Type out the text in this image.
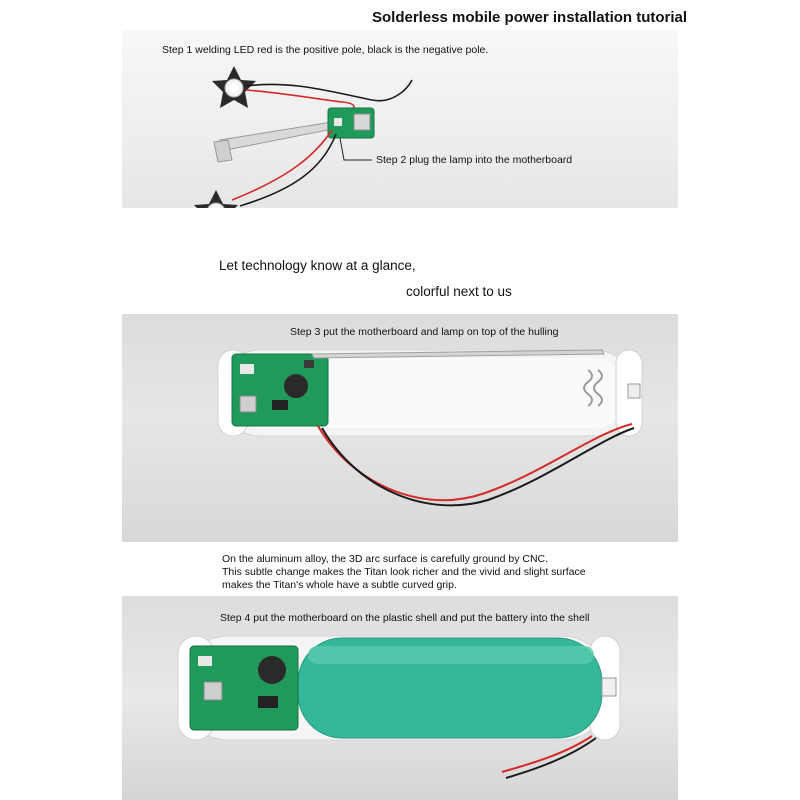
Solderless mobile power installation tutorial
Step 1 welding LED red is the positive pole, black is the negative pole.
Step 2 plug the lamp into the motherboard
Let technology know at a glance,
colorful next to us
Step 3 put the motherboard and lamp on top of the hulling
On the aluminum alloy, the 3D arc surface is carefully ground by CNC.
This subtle change makes the Titan look richer and the vivid and slight surface
makes the Titan's whole have a subtle curved grip.
Step 4 put the motherboard on the plastic shell and put the battery into the shell
